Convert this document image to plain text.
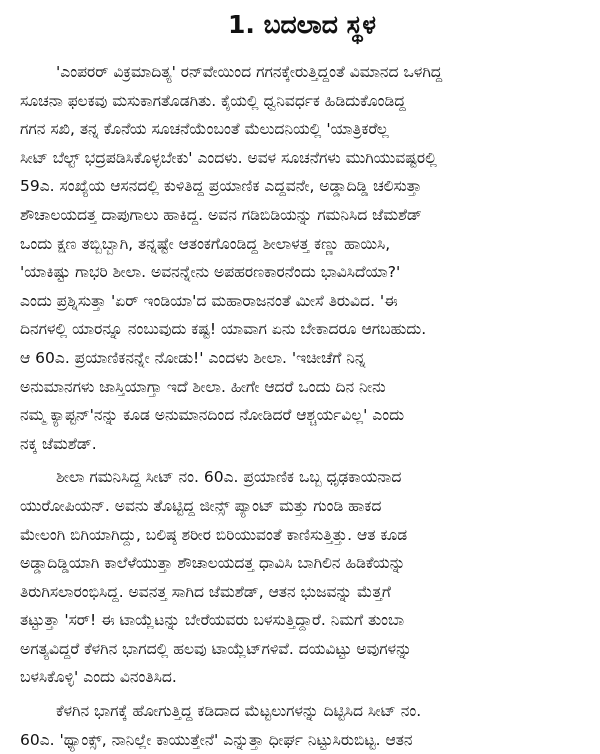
1. ಬದಲಾದ ಸ್ಥಳ

'ಎಂಪರರ್ ವಿಕ್ರಮಾದಿತ್ಯ' ರನ್‌ವೇಯಿಂದ ಗಗನಕ್ಕೇರುತ್ತಿದ್ದಂತೆ ವಿಮಾನದ ಒಳಗಿದ್ದ
ಸೂಚನಾ ಫಲಕವು ಮಸುಕಾಗತೊಡಗಿತು. ಕೈಯಲ್ಲಿ ಧ್ವನಿವರ್ಧಕ ಹಿಡಿದುಕೊಂಡಿದ್ದ
ಗಗನ ಸಖಿ, ತನ್ನ ಕೊನೆಯ ಸೂಚನೆಯೆಂಬಂತೆ ಮೆಲುದನಿಯಲ್ಲಿ 'ಯಾತ್ರಿಕರೆಲ್ಲ
ಸೀಟ್ ಬೆಲ್ಟ್ ಭದ್ರಪಡಿಸಿಕೊಳ್ಳಬೇಕು' ಎಂದಳು. ಅವಳ ಸೂಚನೆಗಳು ಮುಗಿಯುವಷ್ಟರಲ್ಲಿ
59ಎ. ಸಂಖ್ಯೆಯ ಆಸನದಲ್ಲಿ ಕುಳಿತಿದ್ದ ಪ್ರಯಾಣಿಕ ಎದ್ದವನೇ, ಅಡ್ಡಾದಿಡ್ಡಿ ಚಲಿಸುತ್ತಾ
ಶೌಚಾಲಯದತ್ತ ದಾಪುಗಾಲು ಹಾಕಿದ್ದ. ಅವನ ಗಡಿಬಿಡಿಯನ್ನು ಗಮನಿಸಿದ ಜೆಮಶೆಡ್
ಒಂದು ಕ್ಷಣ ತಬ್ಬಿಬ್ಬಾಗಿ, ತನ್ನಷ್ಟೇ ಆತಂಕಗೊಂಡಿದ್ದ ಶೀಲಾಳತ್ತ ಕಣ್ಣು ಹಾಯಿಸಿ,
'ಯಾಕಿಷ್ಟು ಗಾಭರಿ ಶೀಲಾ. ಅವನನ್ನೇನು ಅಪಹರಣಕಾರನೆಂದು ಭಾವಿಸಿದೆಯಾ?'
ಎಂದು ಪ್ರಶ್ನಿಸುತ್ತಾ 'ಏರ್ ಇಂಡಿಯಾ'ದ ಮಹಾರಾಜನಂತೆ ಮೀಸೆ ತಿರುವಿದ. 'ಈ
ದಿನಗಳಲ್ಲಿ ಯಾರನ್ನೂ ನಂಬುವುದು ಕಷ್ಟ! ಯಾವಾಗ ಏನು ಬೇಕಾದರೂ ಆಗಬಹುದು.
ಆ 60ಎ. ಪ್ರಯಾಣಿಕನನ್ನೇ ನೋಡು!' ಎಂದಳು ಶೀಲಾ. 'ಇಚೀಚೆಗೆ ನಿನ್ನ
ಅನುಮಾನಗಳು ಜಾಸ್ತಿಯಾಗ್ತಾ ಇದೆ ಶೀಲಾ. ಹೀಗೇ ಆದರೆ ಒಂದು ದಿನ ನೀನು
ನಮ್ಮ ಕ್ಯಾಪ್ಟನ್'ನನ್ನು ಕೂಡ ಅನುಮಾನದಿಂದ ನೋಡಿದರೆ ಆಶ್ಚರ್ಯವಿಲ್ಲ' ಎಂದು
ನಕ್ಕ ಜೆಮಶೆಡ್.

ಶೀಲಾ ಗಮನಿಸಿದ್ದ ಸೀಟ್ ನಂ. 60ಎ. ಪ್ರಯಾಣಿಕ ಒಬ್ಬ ಧೃಢಕಾಯನಾದ
ಯುರೋಪಿಯನ್. ಅವನು ತೊಟ್ಟಿದ್ದ ಜೀನ್ಸ್ ಪ್ಯಾಂಟ್ ಮತ್ತು ಗುಂಡಿ ಹಾಕದ
ಮೇಲಂಗಿ ಬಿಗಿಯಾಗಿದ್ದು, ಬಲಿಷ್ಠ ಶರೀರ ಬಿರಿಯುವಂತೆ ಕಾಣಿಸುತ್ತಿತ್ತು. ಆತ ಕೂಡ
ಅಡ್ಡಾದಿಡ್ಡಿಯಾಗಿ ಕಾಲೆಳೆಯುತ್ತಾ ಶೌಚಾಲಯದತ್ತ ಧಾವಿಸಿ ಬಾಗಿಲಿನ ಹಿಡಿಕೆಯನ್ನು
ತಿರುಗಿಸಲಾರಂಭಿಸಿದ್ದ. ಅವನತ್ತ ಸಾಗಿದ ಜೆಮಶೆಡ್, ಆತನ ಭುಜವನ್ನು ಮೆತ್ತಗೆ
ತಟ್ಟುತ್ತಾ 'ಸರ್! ಈ ಟಾಯ್ಲೆಟನ್ನು ಬೇರೆಯವರು ಬಳಸುತ್ತಿದ್ದಾರೆ. ನಿಮಗೆ ತುಂಬಾ
ಅಗತ್ಯವಿದ್ದರೆ ಕೆಳಗಿನ ಭಾಗದಲ್ಲಿ ಹಲವು ಟಾಯ್ಲೆಟ್‌ಗಳಿವೆ. ದಯವಿಟ್ಟು ಅವುಗಳನ್ನು
ಬಳಸಿಕೊಳ್ಳಿ' ಎಂದು ವಿನಂತಿಸಿದ.

ಕೆಳಗಿನ ಭಾಗಕ್ಕೆ ಹೋಗುತ್ತಿದ್ದ ಕಡಿದಾದ ಮೆಟ್ಟಲುಗಳನ್ನು ದಿಟ್ಟಿಸಿದ ಸೀಟ್ ನಂ.
60ಎ. 'ಥ್ಯಾಂಕ್ಸ್, ನಾನಿಲ್ಲೇ ಕಾಯುತ್ತೇನೆ' ಎನ್ನುತ್ತಾ ಧೀರ್ಘ ನಿಟ್ಟುಸಿರುಬಿಟ್ಟ. ಆತನ
